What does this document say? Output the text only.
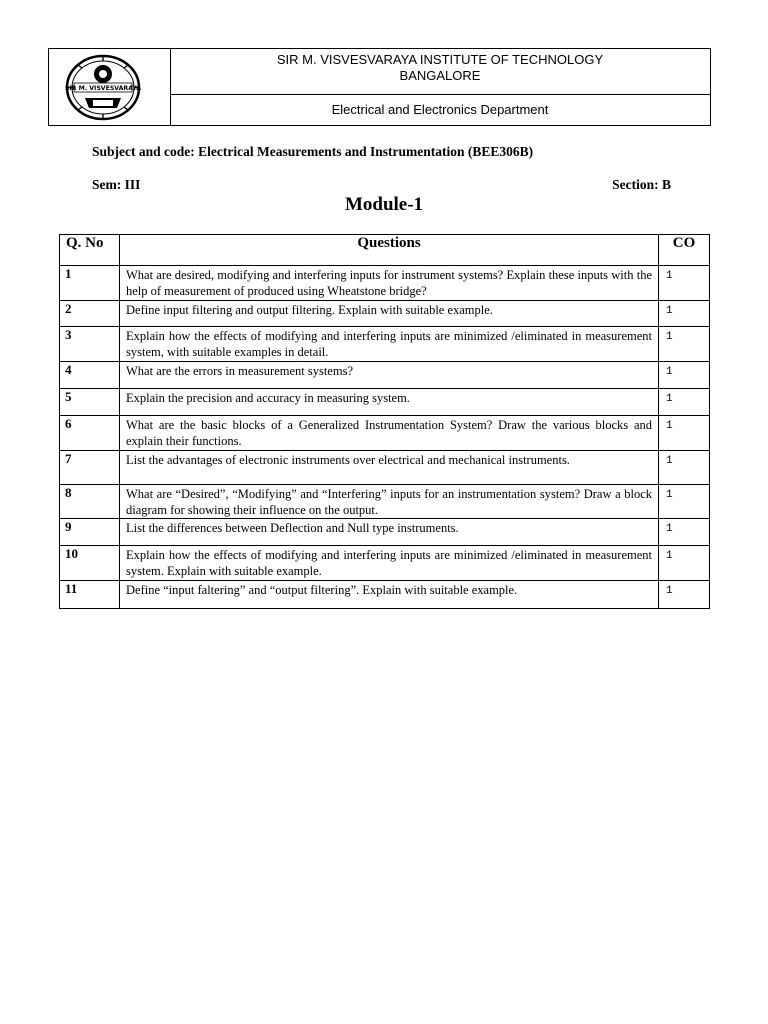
SIR M. VISVESVARAYA
SIR M. VISVESVARAYA INSTITUTE OF TECHNOLOGY
BANGALORE
Electrical and Electronics Department
Subject and code: Electrical Measurements and Instrumentation (BEE306B)
Sem: III	Section: B
Module-1
Q. No	Questions	CO
1	What are desired, modifying and interfering inputs for instrument systems? Explain these inputs with the help of measurement of produced using Wheatstone bridge?	1
2	Define input filtering and output filtering. Explain with suitable example.	1
3	Explain how the effects of modifying and interfering inputs are minimized /eliminated in measurement system, with suitable examples in detail.	1
4	What are the errors in measurement systems?	1
5	Explain the precision and accuracy in measuring system.	1
6	What are the basic blocks of a Generalized Instrumentation System? Draw the various blocks and explain their functions.	1
7	List the advantages of electronic instruments over electrical and mechanical instruments.	1
8	What are “Desired”, “Modifying” and “Interfering” inputs for an instrumentation system? Draw a block diagram for showing their influence on the output.	1
9	List the differences between Deflection and Null type instruments.	1
10	Explain how the effects of modifying and interfering inputs are minimized /eliminated in measurement system. Explain with suitable example.	1
11	Define “input faltering” and “output filtering”. Explain with suitable example.	1
